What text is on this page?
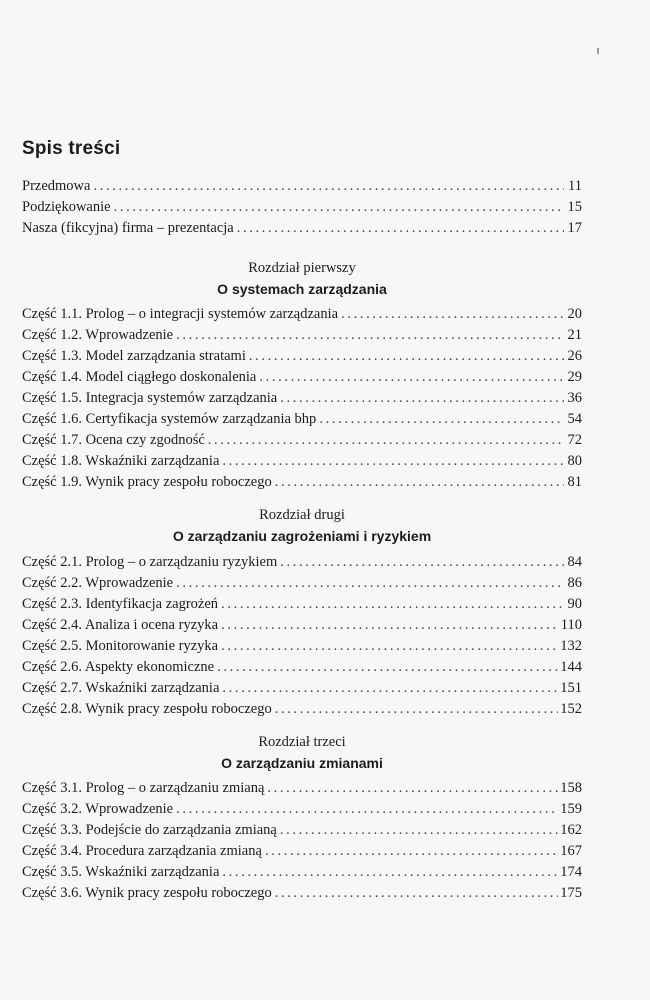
Spis treści
Przedmowa . . .	11
Podziękowanie . . .	15
Nasza (fikcyjna) firma – prezentacja . . .	17
Rozdział pierwszy
O systemach zarządzania
Część 1.1. Prolog – o integracji systemów zarządzania . . .	20
Część 1.2. Wprowadzenie . . .	21
Część 1.3. Model zarządzania stratami . . .	26
Część 1.4. Model ciągłego doskonalenia . . .	29
Część 1.5. Integracja systemów zarządzania . . .	36
Część 1.6. Certyfikacja systemów zarządzania bhp . . .	54
Część 1.7. Ocena czy zgodność . . .	72
Część 1.8. Wskaźniki zarządzania . . .	80
Część 1.9. Wynik pracy zespołu roboczego . . .	81
Rozdział drugi
O zarządzaniu zagrożeniami i ryzykiem
Część 2.1. Prolog – o zarządzaniu ryzykiem . . .	84
Część 2.2. Wprowadzenie . . .	86
Część 2.3. Identyfikacja zagrożeń . . .	90
Część 2.4. Analiza i ocena ryzyka . . .	110
Część 2.5. Monitorowanie ryzyka . . .	132
Część 2.6. Aspekty ekonomiczne . . .	144
Część 2.7. Wskaźniki zarządzania . . .	151
Część 2.8. Wynik pracy zespołu roboczego . . .	152
Rozdział trzeci
O zarządzaniu zmianami
Część 3.1. Prolog – o zarządzaniu zmianą . . .	158
Część 3.2. Wprowadzenie . . .	159
Część 3.3. Podejście do zarządzania zmianą . . .	162
Część 3.4. Procedura zarządzania zmianą . . .	167
Część 3.5. Wskaźniki zarządzania . . .	174
Część 3.6. Wynik pracy zespołu roboczego . . .	175
